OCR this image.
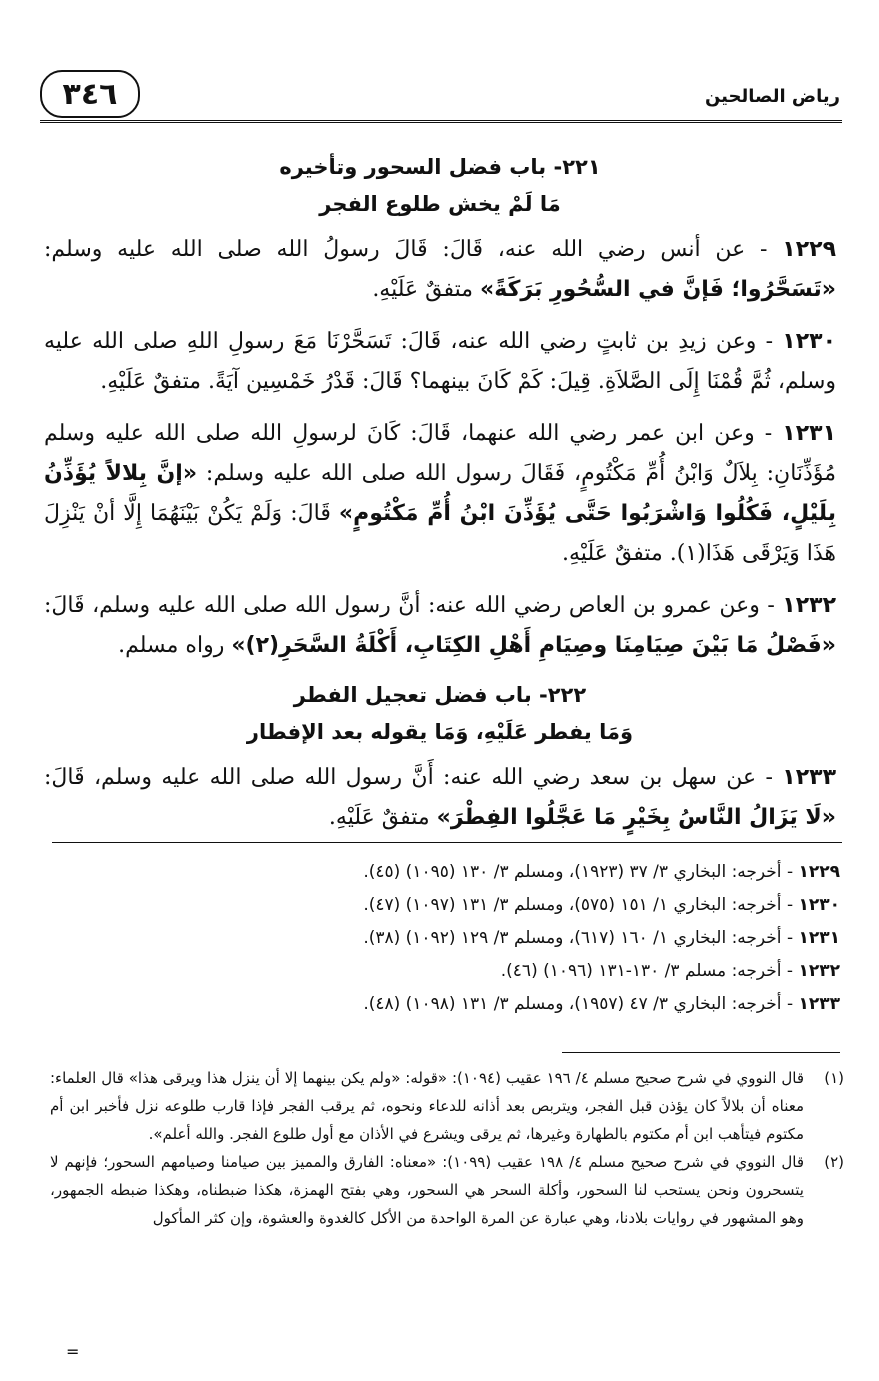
٣٤٦	رياض الصالحين

٢٢١- باب فضل السحور وتأخيره

مَا لَمْ يخش طلوع الفجر

١٢٢٩ - عن أنس رضي الله عنه، قَالَ: قَالَ رسولُ الله صلى الله عليه وسلم: «تَسَحَّرُوا؛ فَإنَّ في السُّحُورِ بَرَكَةً» متفقٌ عَلَيْهِ.

١٢٣٠ - وعن زيدِ بن ثابتٍ رضي الله عنه، قَالَ: تَسَحَّرْنَا مَعَ رسولِ اللهِ صلى الله عليه وسلم، ثُمَّ قُمْنَا إِلَى الصَّلاَةِ. قِيلَ: كَمْ كَانَ بينهما؟ قَالَ: قَدْرُ خَمْسِين آيَةً. متفقٌ عَلَيْهِ.

١٢٣١ - وعن ابن عمر رضي الله عنهما، قَالَ: كَانَ لرسولِ الله صلى الله عليه وسلم مُؤَذِّنَانِ: بِلاَلٌ وَابْنُ أُمِّ مَكْتُومٍ، فَقَالَ رسول الله صلى الله عليه وسلم: «إنَّ بِلالاً يُؤَذِّنُ بِلَيْلٍ، فَكُلُوا وَاشْرَبُوا حَتَّى يُؤَذِّنَ ابْنُ أُمِّ مَكْتُومٍ» قَالَ: وَلَمْ يَكُنْ بَيْنَهُمَا إِلَّا أنْ يَنْزِلَ هَذَا وَيَرْقَى هَذَا(١). متفقٌ عَلَيْهِ.

١٢٣٢ - وعن عمرو بن العاص رضي الله عنه: أنَّ رسول الله صلى الله عليه وسلم، قَالَ: «فَصْلُ مَا بَيْنَ صِيَامِنَا وصِيَامِ أَهْلِ الكِتَابِ، أَكْلَةُ السَّحَرِ(٢)» رواه مسلم.

٢٢٢- باب فضل تعجيل الفطر

وَمَا يفطر عَلَيْهِ، وَمَا يقوله بعد الإفطار

١٢٣٣ - عن سهل بن سعد رضي الله عنه: أَنَّ رسول الله صلى الله عليه وسلم، قَالَ: «لَا يَزَالُ النَّاسُ بِخَيْرٍ مَا عَجَّلُوا الفِطْرَ» متفقٌ عَلَيْهِ.

١٢٢٩ - أخرجه: البخاري ٣/ ٣٧ (١٩٢٣)، ومسلم ٣/ ١٣٠ (١٠٩٥) (٤٥).
١٢٣٠ - أخرجه: البخاري ١/ ١٥١ (٥٧٥)، ومسلم ٣/ ١٣١ (١٠٩٧) (٤٧).
١٢٣١ - أخرجه: البخاري ١/ ١٦٠ (٦١٧)، ومسلم ٣/ ١٢٩ (١٠٩٢) (٣٨).
١٢٣٢ - أخرجه: مسلم ٣/ ١٣٠-١٣١ (١٠٩٦) (٤٦).
١٢٣٣ - أخرجه: البخاري ٣/ ٤٧ (١٩٥٧)، ومسلم ٣/ ١٣١ (١٠٩٨) (٤٨).
(١)
قال النووي في شرح صحيح مسلم ٤/ ١٩٦ عقيب (١٠٩٤): «قوله: «ولم يكن بينهما إلا أن ينزل هذا ويرقى هذا» قال العلماء: معناه أن بلالاً كان يؤذن قبل الفجر، ويتربص بعد أذانه للدعاء ونحوه، ثم يرقب الفجر فإذا قارب طلوعه نزل فأخبر ابن أم مكتوم فيتأهب ابن أم مكتوم بالطهارة وغيرها، ثم يرقى ويشرع في الأذان مع أول طلوع الفجر. والله أعلم».
(٢)
قال النووي في شرح صحيح مسلم ٤/ ١٩٨ عقيب (١٠٩٩): «معناه: الفارق والمميز بين صيامنا وصيامهم السحور؛ فإنهم لا يتسحرون ونحن يستحب لنا السحور، وأكلة السحر هي السحور، وهي بفتح الهمزة، هكذا ضبطناه، وهكذا ضبطه الجمهور، وهو المشهور في روايات بلادنا، وهي عبارة عن المرة الواحدة من الأكل كالغدوة والعشوة، وإن كثر المأكول
=
